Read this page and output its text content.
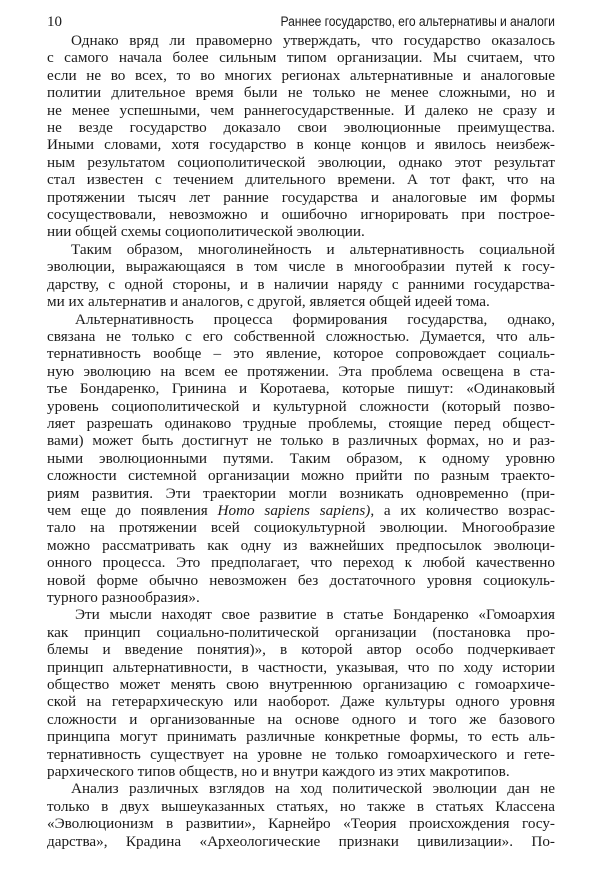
10	Раннее государство, его альтернативы и аналоги
Однако вряд ли правомерно утверждать, что государство оказалось
с самого начала более сильным типом организации. Мы считаем, что
если не во всех, то во многих регионах альтернативные и аналоговые
политии длительное время были не только не менее сложными, но и
не менее успешными, чем раннегосударственные. И далеко не сразу и
не везде государство доказало свои эволюционные преимущества.
Иными словами, хотя государство в конце концов и явилось неизбеж-
ным результатом социополитической эволюции, однако этот результат
стал известен с течением длительного времени. А тот факт, что на
протяжении тысяч лет ранние государства и аналоговые им формы
сосуществовали, невозможно и ошибочно игнорировать при построе-
нии общей схемы социополитической эволюции.
Таким образом, многолинейность и альтернативность социальной
эволюции, выражающаяся в том числе в многообразии путей к госу-
дарству, с одной стороны, и в наличии наряду с ранними государства-
ми их альтернатив и аналогов, с другой, является общей идеей тома.
Альтернативность процесса формирования государства, однако,
связана не только с его собственной сложностью. Думается, что аль-
тернативность вообще – это явление, которое сопровождает социаль-
ную эволюцию на всем ее протяжении. Эта проблема освещена в ста-
тье Бондаренко, Гринина и Коротаева, которые пишут: «Одинаковый
уровень социополитической и культурной сложности (который позво-
ляет разрешать одинаково трудные проблемы, стоящие перед общест-
вами) может быть достигнут не только в различных формах, но и раз-
ными эволюционными путями. Таким образом, к одному уровню
сложности системной организации можно прийти по разным траекто-
риям развития. Эти траектории могли возникать одновременно (при-
чем еще до появления Homo sapiens sapiens), а их количество возрас-
тало на протяжении всей социокультурной эволюции. Многообразие
можно рассматривать как одну из важнейших предпосылок эволюци-
онного процесса. Это предполагает, что переход к любой качественно
новой форме обычно невозможен без достаточного уровня социокуль-
турного разнообразия».
Эти мысли находят свое развитие в статье Бондаренко «Гомоархия
как принцип социально-политической организации (постановка про-
блемы и введение понятия)», в которой автор особо подчеркивает
принцип альтернативности, в частности, указывая, что по ходу истории
общество может менять свою внутреннюю организацию с гомоархиче-
ской на гетерархическую или наоборот. Даже культуры одного уровня
сложности и организованные на основе одного и того же базового
принципа могут принимать различные конкретные формы, то есть аль-
тернативность существует на уровне не только гомоархического и гете-
рархического типов обществ, но и внутри каждого из этих макротипов.
Анализ различных взглядов на ход политической эволюции дан не
только в двух вышеуказанных статьях, но также в статьях Классена
«Эволюционизм в развитии», Карнейро «Теория происхождения госу-
дарства», Крадина «Археологические признаки цивилизации». По-
